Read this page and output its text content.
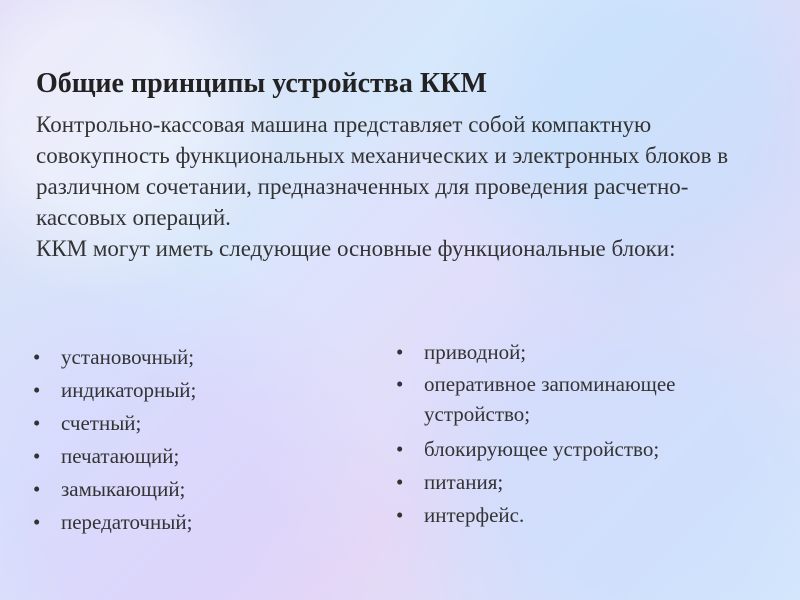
Общие принципы устройства ККМ

Контрольно-кассовая машина представляет собой компактную совокупность функциональных механических и электронных блоков в различном сочетании, предназначенных для проведения расчетно-кассовых операций.

ККМ могут иметь следующие основные функциональные блоки:

• установочный;
• индикаторный;
• счетный;
• печатающий;
• замыкающий;
• передаточный;
• приводной;
• оперативное запоминающее устройство;
• блокирующее устройство;
• питания;
• интерфейс.
